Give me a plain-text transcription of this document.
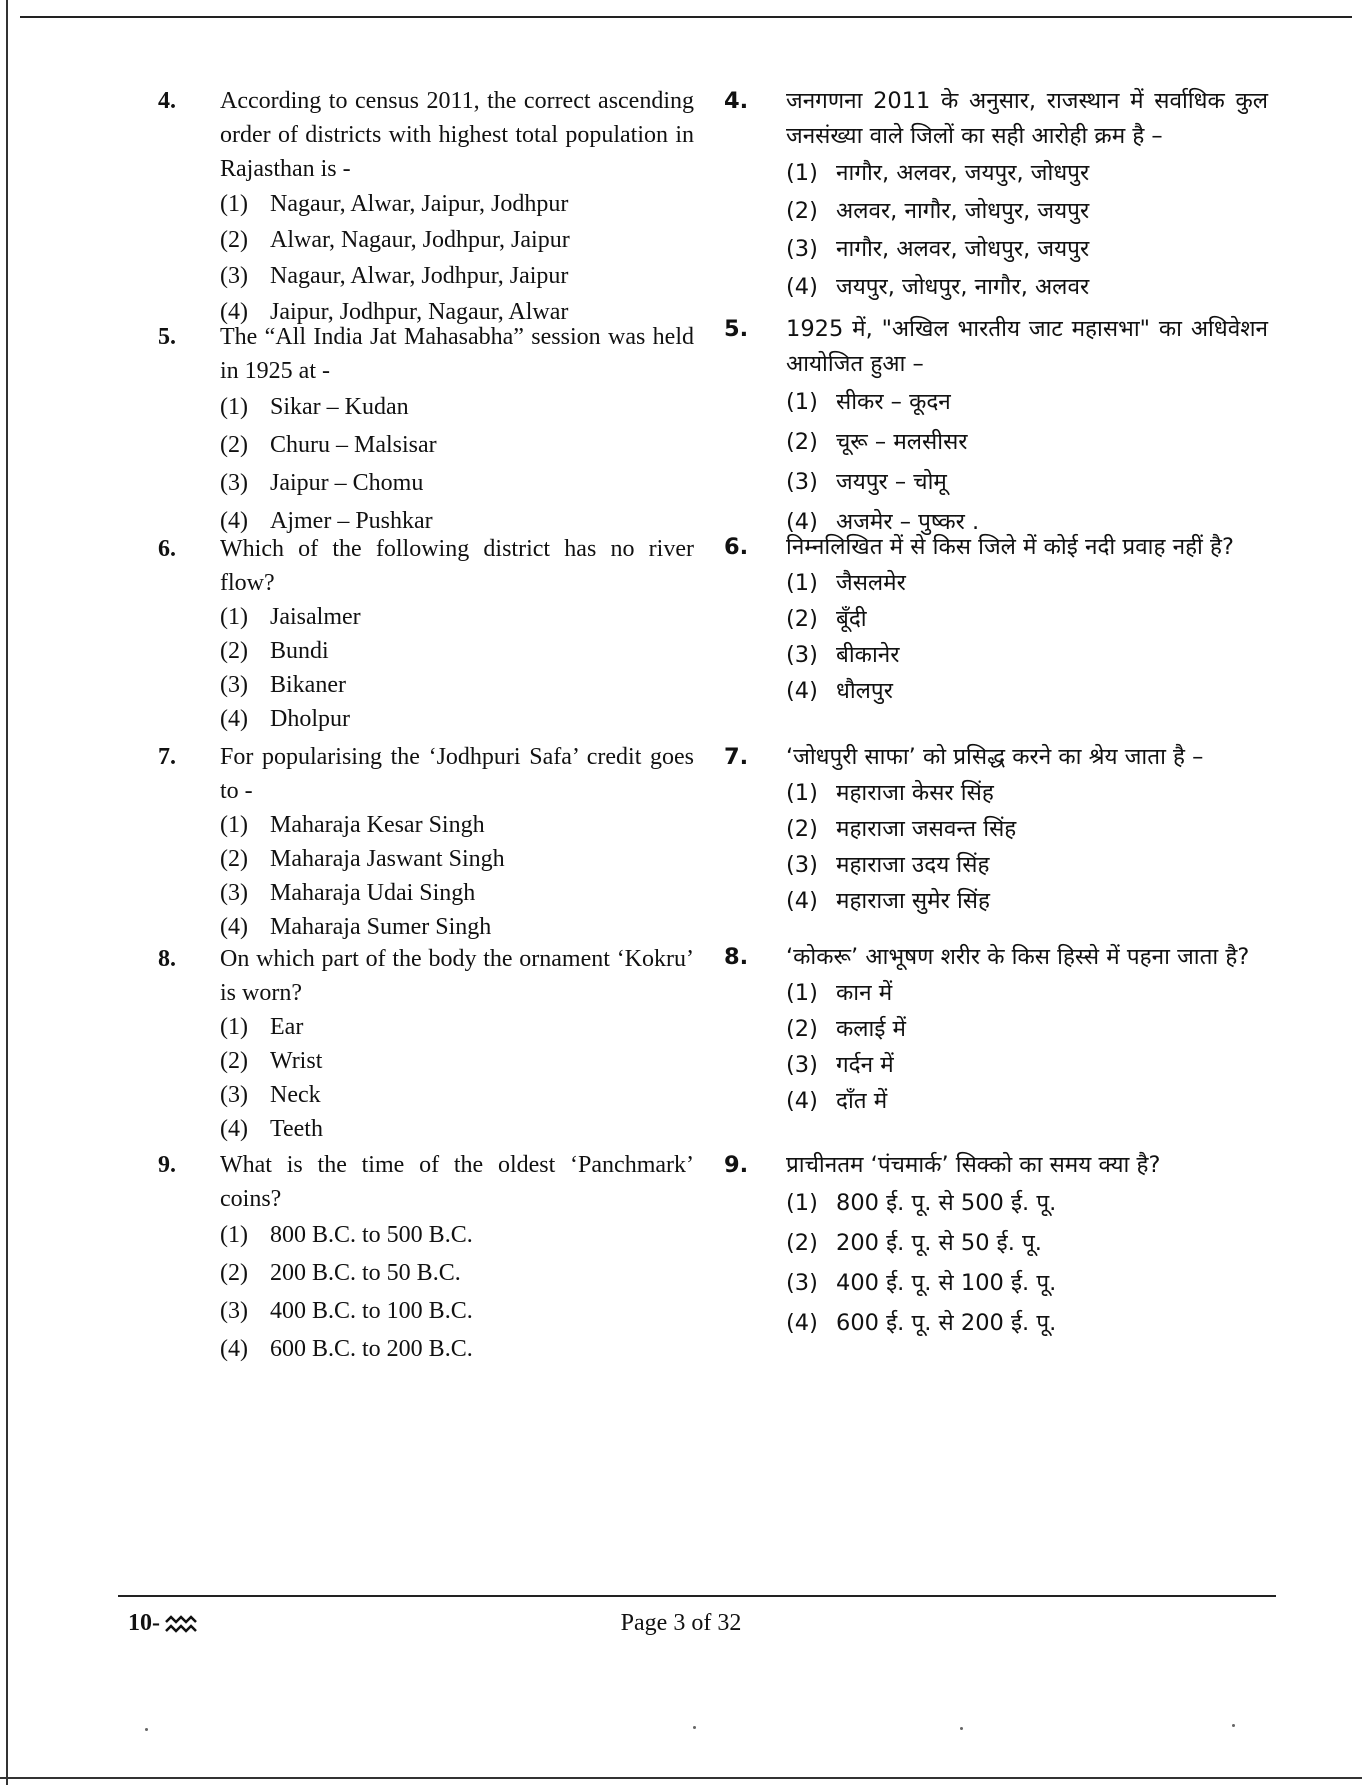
4. According to census 2011, the correct ascending order of districts with highest total population in Rajasthan is -
(1) Nagaur, Alwar, Jaipur, Jodhpur
(2) Alwar, Nagaur, Jodhpur, Jaipur
(3) Nagaur, Alwar, Jodhpur, Jaipur
(4) Jaipur, Jodhpur, Nagaur, Alwar
5. The “All India Jat Mahasabha” session was held in 1925 at -
(1) Sikar – Kudan
(2) Churu – Malsisar
(3) Jaipur – Chomu
(4) Ajmer – Pushkar
6. Which of the following district has no river flow?
(1) Jaisalmer
(2) Bundi
(3) Bikaner
(4) Dholpur
7. For popularising the ‘Jodhpuri Safa’ credit goes to -
(1) Maharaja Kesar Singh
(2) Maharaja Jaswant Singh
(3) Maharaja Udai Singh
(4) Maharaja Sumer Singh
8. On which part of the body the ornament ‘Kokru’ is worn?
(1) Ear
(2) Wrist
(3) Neck
(4) Teeth
9. What is the time of the oldest ‘Panchmark’ coins?
(1) 800 B.C. to 500 B.C.
(2) 200 B.C. to 50 B.C.
(3) 400 B.C. to 100 B.C.
(4) 600 B.C. to 200 B.C.
4. जनगणना 2011 के अनुसार, राजस्थान में सर्वाधिक कुल जनसंख्या वाले जिलों का सही आरोही क्रम है –
(1) नागौर, अलवर, जयपुर, जोधपुर
(2) अलवर, नागौर, जोधपुर, जयपुर
(3) नागौर, अलवर, जोधपुर, जयपुर
(4) जयपुर, जोधपुर, नागौर, अलवर
5. 1925 में, "अखिल भारतीय जाट महासभा" का अधिवेशन आयोजित हुआ –
(1) सीकर – कूदन
(2) चूरू – मलसीसर
(3) जयपुर – चोमू
(4) अजमेर – पुष्कर .
6. निम्नलिखित में से किस जिले में कोई नदी प्रवाह नहीं है?
(1) जैसलमेर
(2) बूँदी
(3) बीकानेर
(4) धौलपुर
7. ‘जोधपुरी साफा’ को प्रसिद्ध करने का श्रेय जाता है –
(1) महाराजा केसर सिंह
(2) महाराजा जसवन्त सिंह
(3) महाराजा उदय सिंह
(4) महाराजा सुमेर सिंह
8. ‘कोकरू’ आभूषण शरीर के किस हिस्से में पहना जाता है?
(1) कान में
(2) कलाई में
(3) गर्दन में
(4) दाँत में
9. प्राचीनतम ‘पंचमार्क’ सिक्को का समय क्या है?
(1) 800 ई. पू. से 500 ई. पू.
(2) 200 ई. पू. से 50 ई. पू.
(3) 400 ई. पू. से 100 ई. पू.
(4) 600 ई. पू. से 200 ई. पू.
10-	Page 3 of 32
